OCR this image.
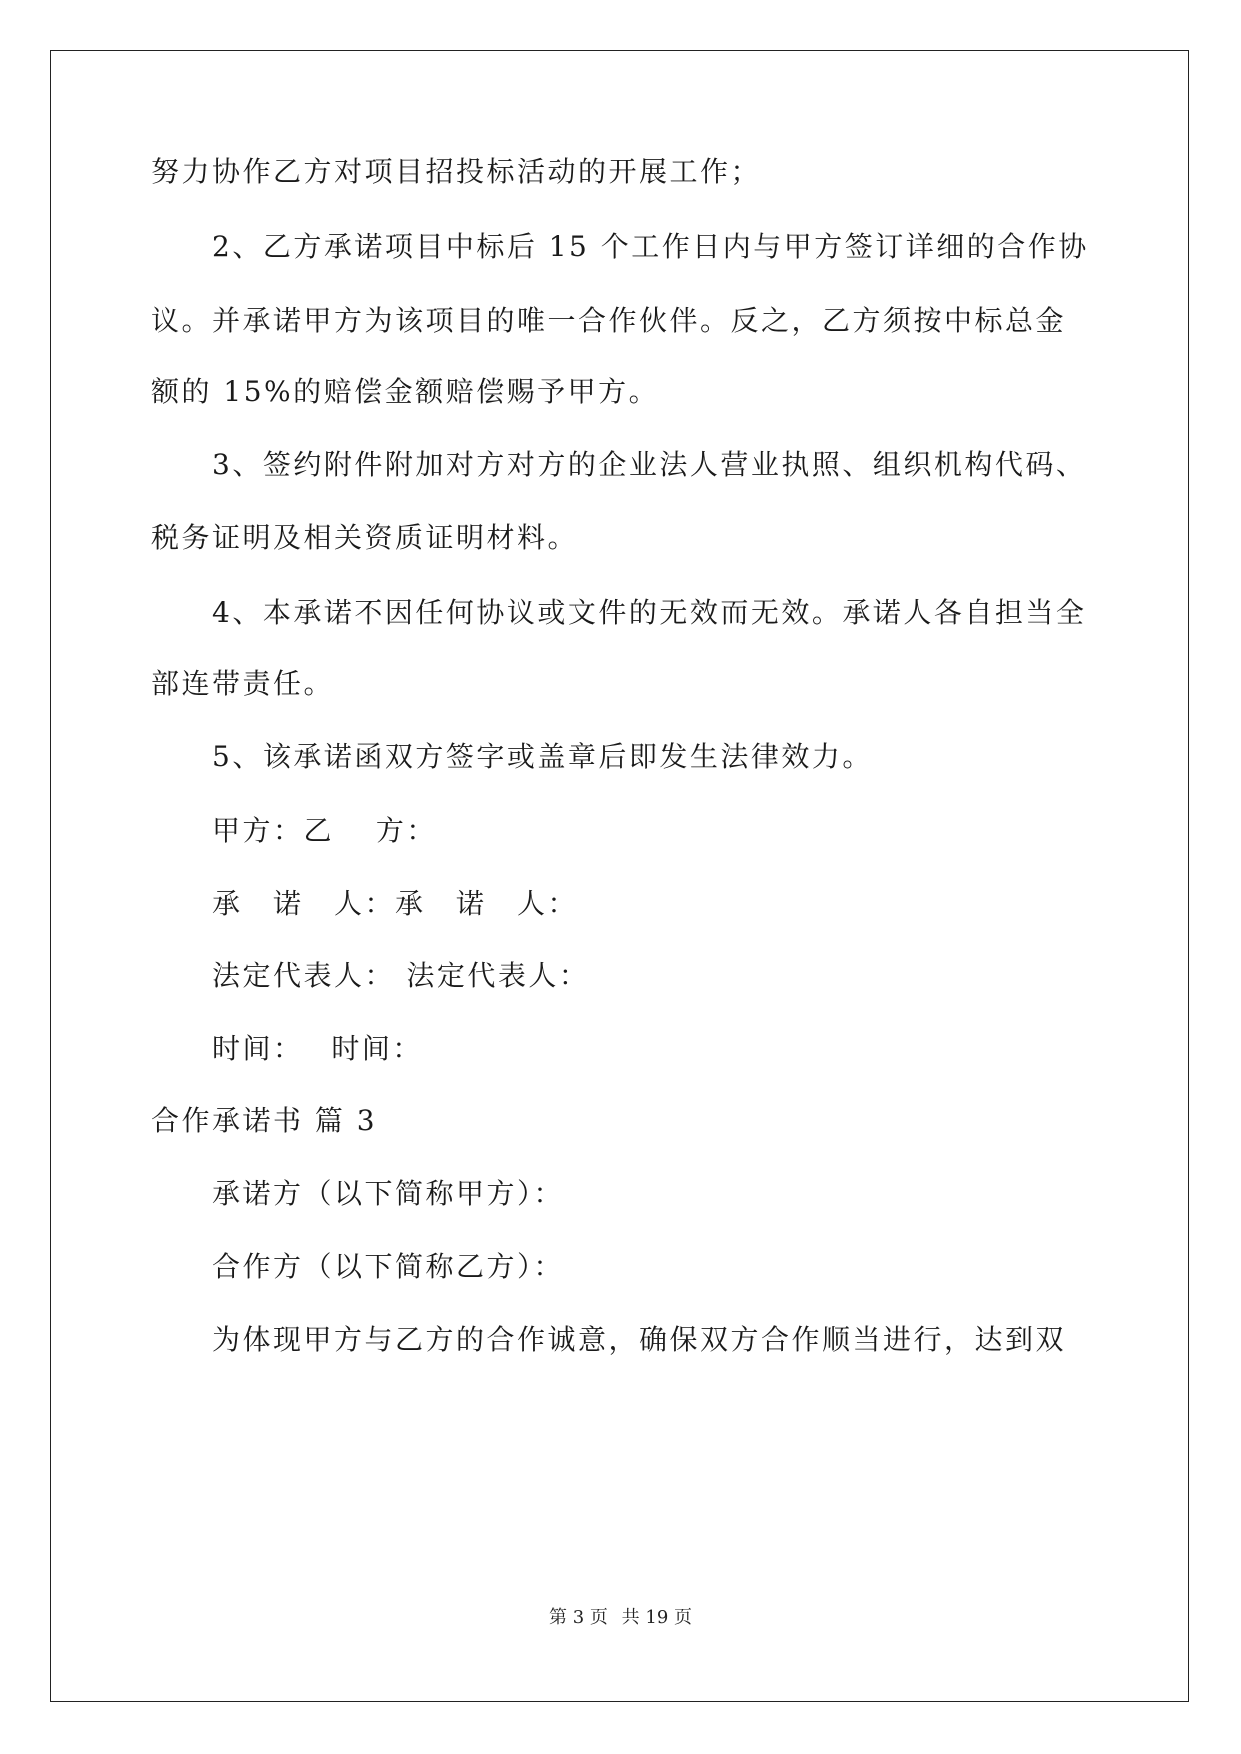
努力协作乙方对项目招投标活动的开展工作；
2、乙方承诺项目中标后 15 个工作日内与甲方签订详细的合作协
议。并承诺甲方为该项目的唯一合作伙伴。反之，乙方须按中标总金
额的 15%的赔偿金额赔偿赐予甲方。
3、签约附件附加对方对方的企业法人营业执照、组织机构代码、
税务证明及相关资质证明材料。
4、本承诺不因任何协议或文件的无效而无效。承诺人各自担当全
部连带责任。
5、该承诺函双方签字或盖章后即发生法律效力。
甲方：乙　 方：
承　诺　人：承　诺　人：
法定代表人： 法定代表人：
时间：　 时间：
合作承诺书 篇 3
承诺方（以下简称甲方）：
合作方（以下简称乙方）：
为体现甲方与乙方的合作诚意，确保双方合作顺当进行，达到双
第 3 页 共 19 页
